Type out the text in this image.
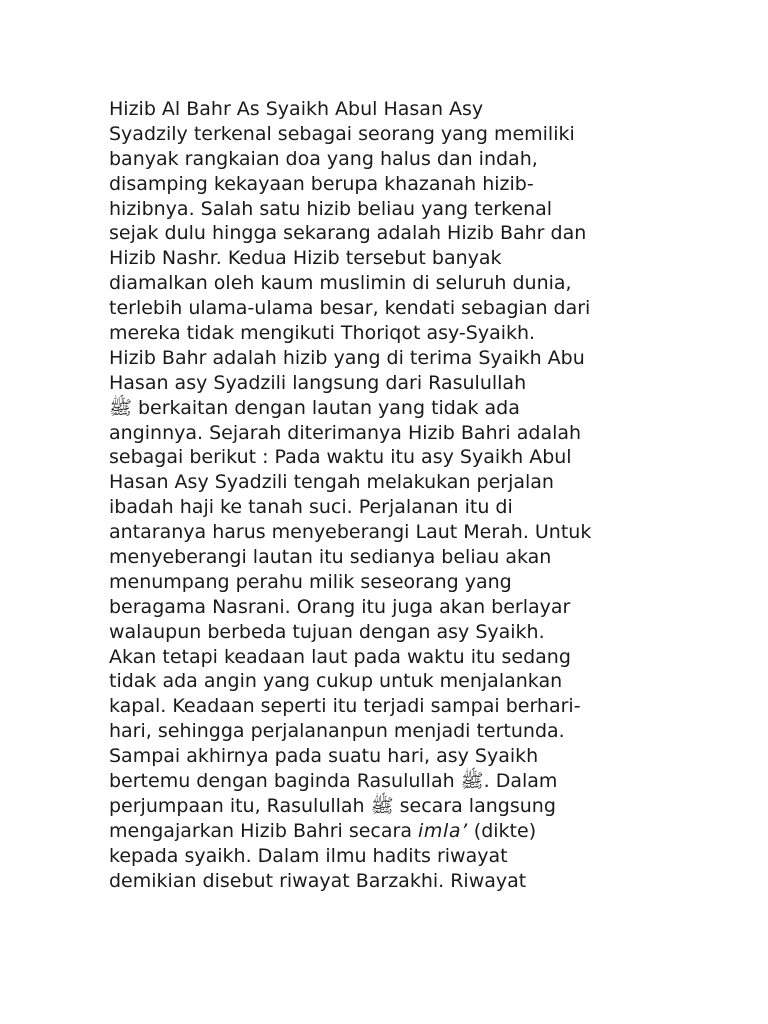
Hizib Al Bahr As Syaikh Abul Hasan Asy
Syadzily terkenal sebagai seorang yang memiliki
banyak rangkaian doa yang halus dan indah,
disamping kekayaan berupa khazanah hizib-
hizibnya. Salah satu hizib beliau yang terkenal
sejak dulu hingga sekarang adalah Hizib Bahr dan
Hizib Nashr. Kedua Hizib tersebut banyak
diamalkan oleh kaum muslimin di seluruh dunia,
terlebih ulama-ulama besar, kendati sebagian dari
mereka tidak mengikuti Thoriqot asy-Syaikh.
Hizib Bahr adalah hizib yang di terima Syaikh Abu
Hasan asy Syadzili langsung dari Rasulullah
ﷺ berkaitan dengan lautan yang tidak ada
anginnya. Sejarah diterimanya Hizib Bahri adalah
sebagai berikut : Pada waktu itu asy Syaikh Abul
Hasan Asy Syadzili tengah melakukan perjalan
ibadah haji ke tanah suci. Perjalanan itu di
antaranya harus menyeberangi Laut Merah. Untuk
menyeberangi lautan itu sedianya beliau akan
menumpang perahu milik seseorang yang
beragama Nasrani. Orang itu juga akan berlayar
walaupun berbeda tujuan dengan asy Syaikh.
Akan tetapi keadaan laut pada waktu itu sedang
tidak ada angin yang cukup untuk menjalankan
kapal. Keadaan seperti itu terjadi sampai berhari-
hari, sehingga perjalananpun menjadi tertunda.
Sampai akhirnya pada suatu hari, asy Syaikh
bertemu dengan baginda Rasulullah ﷺ. Dalam
perjumpaan itu, Rasulullah ﷺ secara langsung
mengajarkan Hizib Bahri secara imla’ (dikte)
kepada syaikh. Dalam ilmu hadits riwayat
demikian disebut riwayat Barzakhi. Riwayat
